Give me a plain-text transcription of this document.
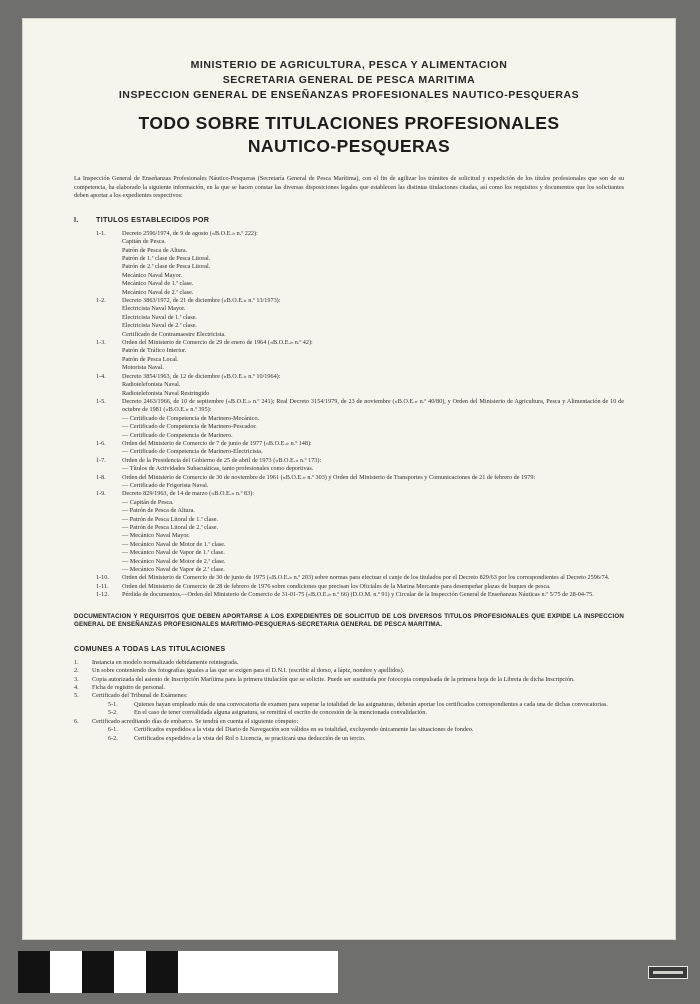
MINISTERIO DE AGRICULTURA, PESCA Y ALIMENTACION
SECRETARIA GENERAL DE PESCA MARITIMA
INSPECCION GENERAL DE ENSEÑANZAS PROFESIONALES NAUTICO-PESQUERAS
TODO SOBRE TITULACIONES PROFESIONALES
NAUTICO-PESQUERAS
La Inspección General de Enseñanzas Profesionales Náutico-Pesqueras (Secretaría General de Pesca Marítima), con el fin de agilizar los trámites de solicitud y expedición de los títulos profesionales que son de su competencia, ha elaborado la siguiente información, en la que se hacen constar las diversas disposiciones legales que establecen las distintas titulaciones citadas, así como los requisitos y documentos que los solicitantes deben aportar a los expedientes respectivos:
I.	TITULOS ESTABLECIDOS POR
1-1.	Decreto 2596/1974, de 9 de agosto («B.O.E.» n.º 222):
Capitán de Pesca.
Patrón de Pesca de Altura.
Patrón de 1.ª clase de Pesca Litoral.
Patrón de 2.ª clase de Pesca Litoral.
Mecánico Naval Mayor.
Mecánico Naval de 1.ª clase.
Mecánico Naval de 2.ª clase.
1-2.	Decreto 3863/1972, de 21 de diciembre («B.O.E.» n.º 13/1973):
Electricista Naval Mayor.
Electricista Naval de 1.ª clase.
Electricista Naval de 2.ª clase.
Certificado de Contramaestre Electricista.
1-3.	Orden del Ministerio de Comercio de 29 de enero de 1964 («B.O.E.» n.º 42):
Patrón de Tráfico Interior.
Patrón de Pesca Local.
Motorista Naval.
1-4.	Decreto 3854/1963, de 12 de diciembre («B.O.E.» n.º 10/1964):
Radiotelefonista Naval.
Radiotelefonista Naval Restringido
1-5.	Decreto 2463/1966, de 10 de septiembre («B.O.E.» n.º 241); Real Decreto 3154/1979, de 23 de noviembre («B.O.E.» n.º 40/80), y Orden del Ministerio de Agricultura, Pesca y Alimentación de 10 de octubre de 1981 («B.O.E.» n.º 395):
— Certificado de Competencia de Marinero-Mecánico.
— Certificado de Competencia de Marinero-Pescador.
— Certificado de Competencia de Marinero.
1-6.	Orden del Ministerio de Comercio de 7 de junio de 1977 («B.O.E.» n.º 148):
— Certificado de Competencia de Marinero-Electricista.
1-7.	Orden de la Presidencia del Gobierno de 25 de abril de 1973 («B.O.E.» n.º 173):
— Títulos de Actividades Subacuáticas, tanto profesionales como deportivas.
1-8.	Orden del Ministerio de Comercio de 30 de noviembre de 1961 («B.O.E.» n.º 303) y Orden del Ministerio de Transportes y Comunicaciones de 21 de febrero de 1979:
— Certificado de Frigorista Naval.
1-9.	Decreto 829/1963, de 14 de marzo («B.O.E.» n.º 83):
— Capitán de Pesca.
— Patrón de Pesca de Altura.
— Patrón de Pesca Litoral de 1.ª clase.
— Patrón de Pesca Litoral de 2.ª clase.
— Mecánico Naval Mayor.
— Mecánico Naval de Motor de 1.ª clase.
— Mecánico Naval de Vapor de 1.ª clase.
— Mecánico Naval de Motor de 2.ª clase.
— Mecánico Naval de Vapor de 2.ª clase.
1-10.	Orden del Ministerio de Comercio de 30 de junio de 1975 («B.O.E.» n.º 203) sobre normas para efectuar el canje de los titulados por el Decreto 829/63 por los correspondientes al Decreto 2596/74.
1-11.	Orden del Ministerio de Comercio de 28 de febrero de 1976 sobre condiciones que precisan los Oficiales de la Marina Mercante para desempeñar plazas de buques de pesca.
1-12.	Pérdida de documentos.—Orden del Ministerio de Comercio de 31-01-75 («B.O.E.» n.º 66) (D.O.M. n.º 91) y Circular de la Inspección General de Enseñanzas Náuticas n.º 5/75 de 28-04-75.
DOCUMENTACION Y REQUISITOS QUE DEBEN APORTARSE A LOS EXPEDIENTES DE SOLICITUD DE LOS DIVERSOS TITULOS PROFESIONALES QUE EXPIDE LA INSPECCION GENERAL DE ENSEÑANZAS PROFESIONALES MARITIMO-PESQUERAS-SECRETARIA GENERAL DE PESCA MARITIMA.
COMUNES A TODAS LAS TITULACIONES
1.	Instancia en modelo normalizado debidamente reintegrada.
2.	Un sobre conteniendo dos fotografías iguales a las que se exigen para el D.N.I. (escribir al dorso, a lápiz, nombre y apellidos).
3.	Copia autorizada del asiento de Inscripción Marítima para la primera titulación que se solicite. Puede ser sustituida por fotocopia compulsada de la primera hoja de la Libreta de dicha Inscripción.
4.	Ficha de registro de personal.
5.	Certificado del Tribunal de Exámenes:
5-1.	Quienes hayan empleado más de una convocatoria de examen para superar la totalidad de las asignaturas, deberán aportar los certificados correspondientes a cada una de dichas convocatorias.
5-2.	En el caso de tener convalidada alguna asignatura, se remitirá el escrito de concesión de la mencionada convalidación.
6.	Certificado acreditando días de embarco. Se tendrá en cuenta el siguiente cómputo:
6-1.	Certificados expedidos a la vista del Diario de Navegación son válidos en su totalidad, excluyendo únicamente las situaciones de fondeo.
6-2.	Certificados expedidos a la vista del Rol o Licencia, se practicará una deducción de un tercio.
